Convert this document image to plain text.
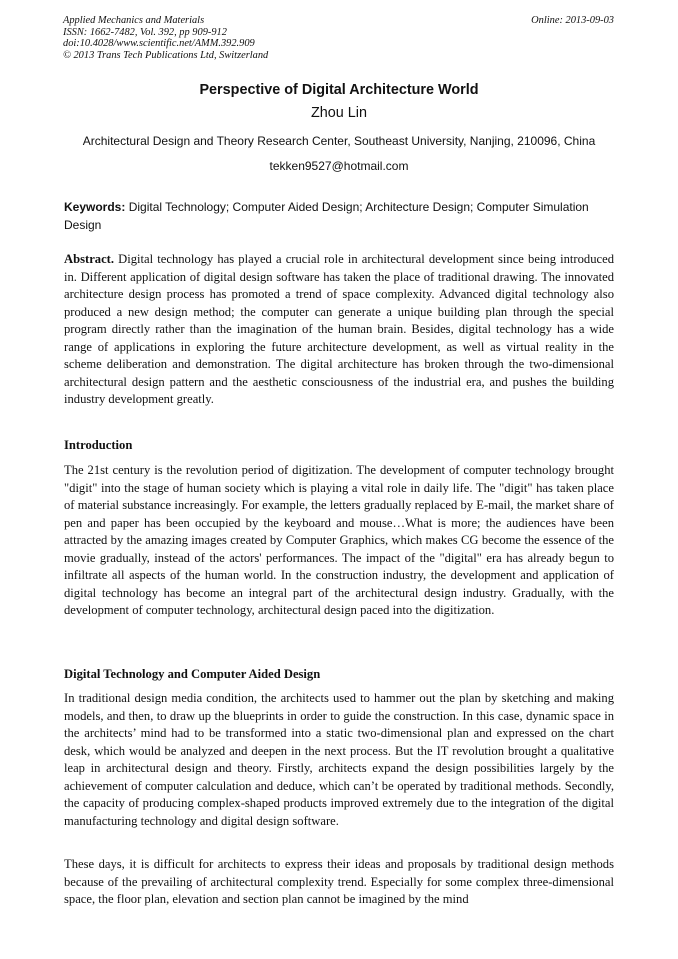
Applied Mechanics and Materials
ISSN: 1662-7482, Vol. 392, pp 909-912
doi:10.4028/www.scientific.net/AMM.392.909
© 2013 Trans Tech Publications Ltd, Switzerland
Online: 2013-09-03
Perspective of Digital Architecture World
Zhou Lin
Architectural Design and Theory Research Center, Southeast University, Nanjing, 210096, China
tekken9527@hotmail.com
Keywords: Digital Technology; Computer Aided Design; Architecture Design; Computer Simulation Design
Abstract. Digital technology has played a crucial role in architectural development since being introduced in. Different application of digital design software has taken the place of traditional drawing. The innovated architecture design process has promoted a trend of space complexity. Advanced digital technology also produced a new design method; the computer can generate a unique building plan through the special program directly rather than the imagination of the human brain. Besides, digital technology has a wide range of applications in exploring the future architecture development, as well as virtual reality in the scheme deliberation and demonstration. The digital architecture has broken through the two-dimensional architectural design pattern and the aesthetic consciousness of the industrial era, and pushes the building industry development greatly.
Introduction
The 21st century is the revolution period of digitization. The development of computer technology brought "digit" into the stage of human society which is playing a vital role in daily life. The "digit" has taken place of material substance increasingly. For example, the letters gradually replaced by E-mail, the market share of pen and paper has been occupied by the keyboard and mouse…What is more; the audiences have been attracted by the amazing images created by Computer Graphics, which makes CG become the essence of the movie gradually, instead of the actors' performances. The impact of the "digital" era has already begun to infiltrate all aspects of the human world. In the construction industry, the development and application of digital technology has become an integral part of the architectural design industry. Gradually, with the development of computer technology, architectural design paced into the digitization.
Digital Technology and Computer Aided Design
In traditional design media condition, the architects used to hammer out the plan by sketching and making models, and then, to draw up the blueprints in order to guide the construction. In this case, dynamic space in the architects’ mind had to be transformed into a static two-dimensional plan and expressed on the chart desk, which would be analyzed and deepen in the next process. But the IT revolution brought a qualitative leap in architectural design and theory. Firstly, architects expand the design possibilities largely by the achievement of computer calculation and deduce, which can’t be operated by traditional methods. Secondly, the capacity of producing complex-shaped products improved extremely due to the integration of the digital manufacturing technology and digital design software.
These days, it is difficult for architects to express their ideas and proposals by traditional design methods because of the prevailing of architectural complexity trend. Especially for some complex three-dimensional space, the floor plan, elevation and section plan cannot be imagined by the mind
